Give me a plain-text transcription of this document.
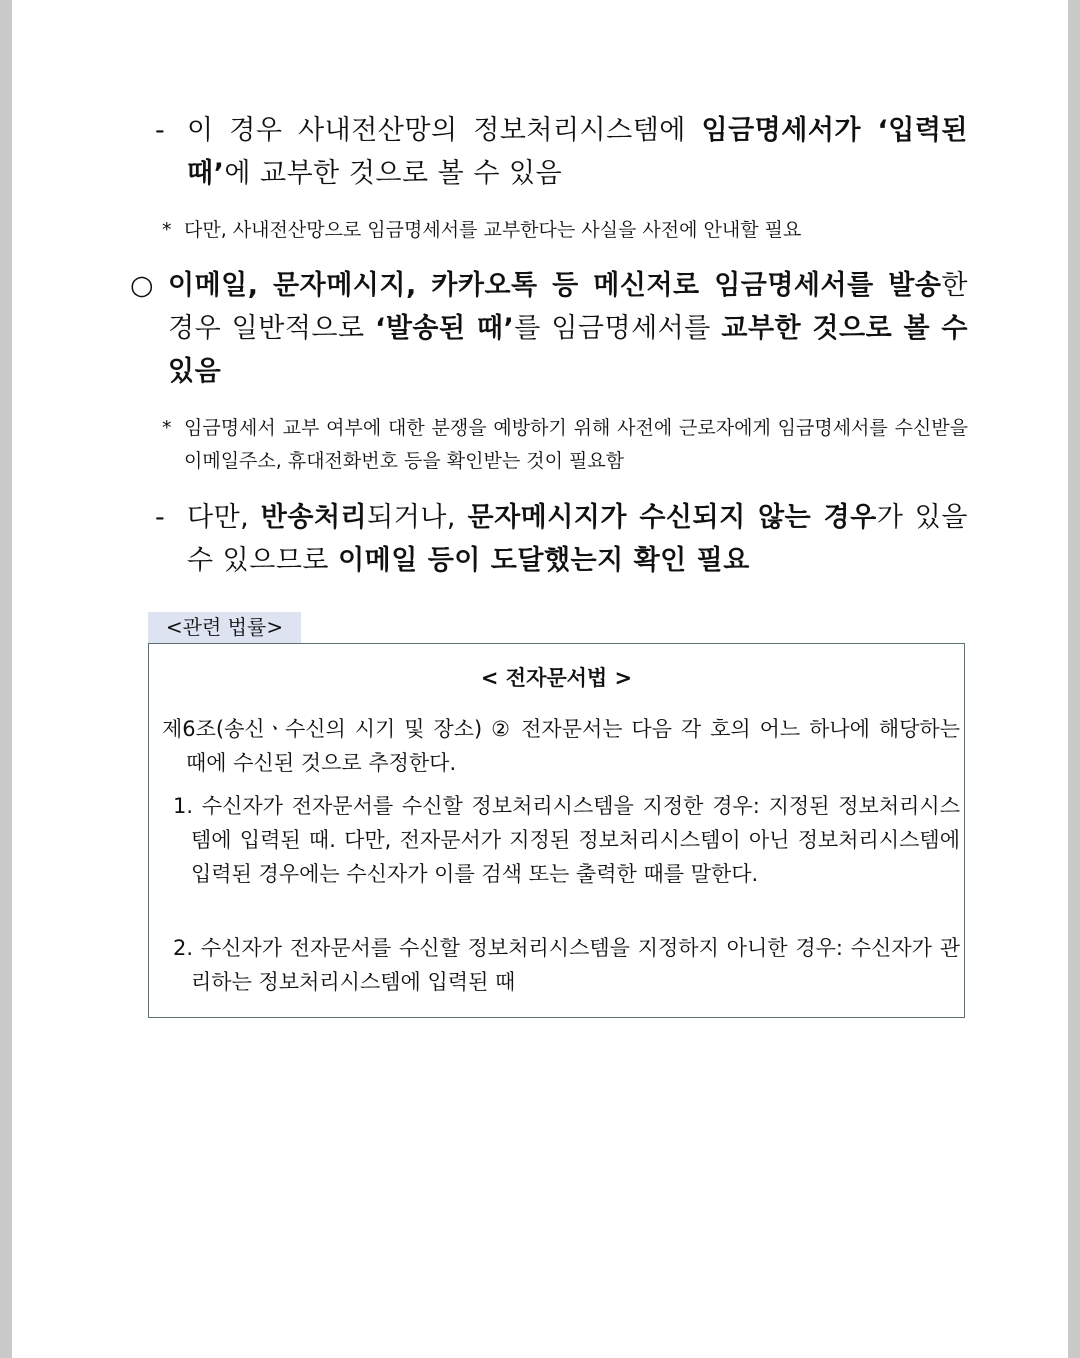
- 이 경우 사내전산망의 정보처리시스템에 임금명세서가 ‘입력된 때’에 교부한 것으로 볼 수 있음
* 다만, 사내전산망으로 임금명세서를 교부한다는 사실을 사전에 안내할 필요
○ 이메일, 문자메시지, 카카오톡 등 메신저로 임금명세서를 발송한 경우 일반적으로 ‘발송된 때’를 임금명세서를 교부한 것으로 볼 수 있음
* 임금명세서 교부 여부에 대한 분쟁을 예방하기 위해 사전에 근로자에게 임금명세서를 수신받을 이메일주소, 휴대전화번호 등을 확인받는 것이 필요함
- 다만, 반송처리되거나, 문자메시지가 수신되지 않는 경우가 있을 수 있으므로 이메일 등이 도달했는지 확인 필요
<관련 법률>
< 전자문서법 >
제6조(송신ㆍ수신의 시기 및 장소) ② 전자문서는 다음 각 호의 어느 하나에 해당하는 때에 수신된 것으로 추정한다.
1. 수신자가 전자문서를 수신할 정보처리시스템을 지정한 경우: 지정된 정보처리시스템에 입력된 때. 다만, 전자문서가 지정된 정보처리시스템이 아닌 정보처리시스템에 입력된 경우에는 수신자가 이를 검색 또는 출력한 때를 말한다.
2. 수신자가 전자문서를 수신할 정보처리시스템을 지정하지 아니한 경우: 수신자가 관리하는 정보처리시스템에 입력된 때
